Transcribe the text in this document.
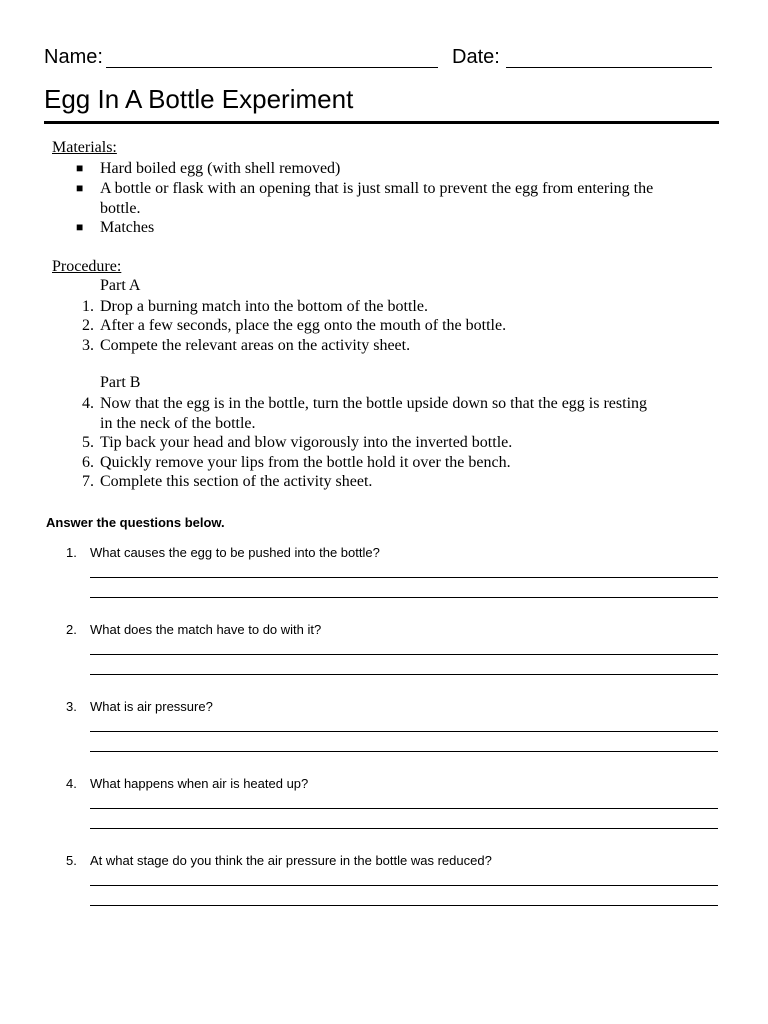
Name:	Date:
Egg In A Bottle Experiment
Materials:
■ Hard boiled egg (with shell removed)
■ A bottle or flask with an opening that is just small to prevent the egg from entering the bottle.
■ Matches
Procedure:
Part A
1. Drop a burning match into the bottom of the bottle.
2. After a few seconds, place the egg onto the mouth of the bottle.
3. Compete the relevant areas on the activity sheet.
Part B
4. Now that the egg is in the bottle, turn the bottle upside down so that the egg is resting in the neck of the bottle.
5. Tip back your head and blow vigorously into the inverted bottle.
6. Quickly remove your lips from the bottle hold it over the bench.
7. Complete this section of the activity sheet.
Answer the questions below.
1. What causes the egg to be pushed into the bottle?
2. What does the match have to do with it?
3. What is air pressure?
4. What happens when air is heated up?
5. At what stage do you think the air pressure in the bottle was reduced?
